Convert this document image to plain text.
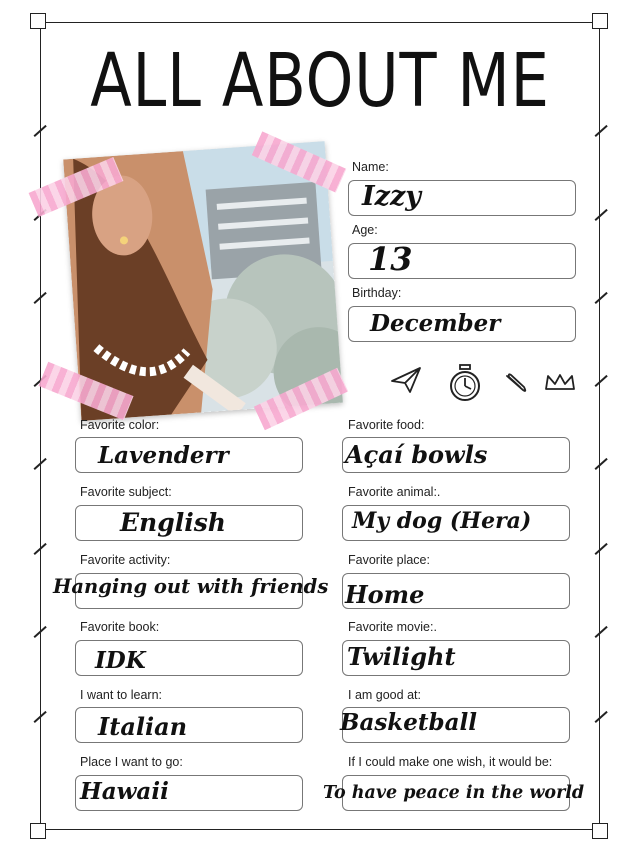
ALL ABOUT ME
Name:
Izzy
Age:
13
Birthday:
December
Favorite color:
Lavenderr
Favorite food:
Açaí bowls
Favorite subject:
English
Favorite animal:.
My dog (Hera)
Favorite activity:
Hanging out with friends
Favorite place:
Home
Favorite book:
IDK
Favorite movie:.
Twilight
I want to learn:
Italian
I am good at:
Basketball
Place I want to go:
Hawaii
If I could make one wish, it would be:
To have peace in the world
